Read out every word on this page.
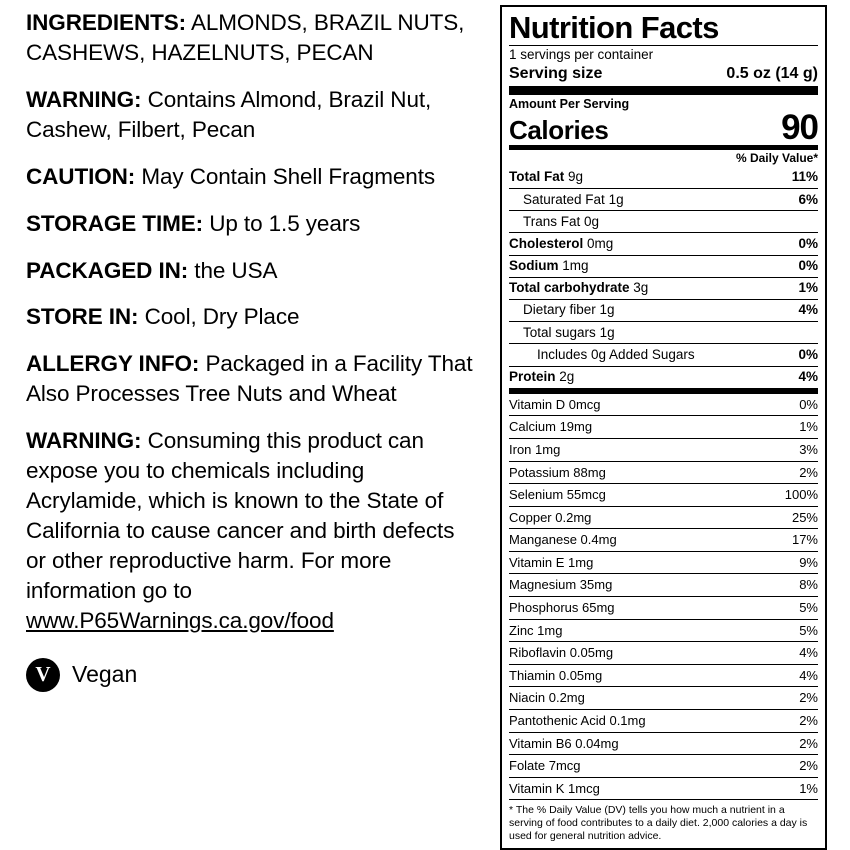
INGREDIENTS: ALMONDS, BRAZIL NUTS, CASHEWS, HAZELNUTS, PECAN
WARNING: Contains Almond, Brazil Nut, Cashew, Filbert, Pecan
CAUTION: May Contain Shell Fragments
STORAGE TIME: Up to 1.5 years
PACKAGED IN: the USA
STORE IN: Cool, Dry Place
ALLERGY INFO: Packaged in a Facility That Also Processes Tree Nuts and Wheat
WARNING: Consuming this product can expose you to chemicals including Acrylamide, which is known to the State of California to cause cancer and birth defects or other reproductive harm. For more information go to www.P65Warnings.ca.gov/food
V Vegan
Nutrition Facts
1 servings per container
Serving size	0.5 oz (14 g)
Amount Per Serving
Calories	90
% Daily Value*
Total Fat 9g	11%
Saturated Fat 1g	6%
Trans Fat 0g
Cholesterol 0mg	0%
Sodium 1mg	0%
Total carbohydrate 3g	1%
Dietary fiber 1g	4%
Total sugars 1g
Includes 0g Added Sugars	0%
Protein 2g	4%
Vitamin D 0mcg	0%
Calcium 19mg	1%
Iron 1mg	3%
Potassium 88mg	2%
Selenium 55mcg	100%
Copper 0.2mg	25%
Manganese 0.4mg	17%
Vitamin E 1mg	9%
Magnesium 35mg	8%
Phosphorus 65mg	5%
Zinc 1mg	5%
Riboflavin 0.05mg	4%
Thiamin 0.05mg	4%
Niacin 0.2mg	2%
Pantothenic Acid 0.1mg	2%
Vitamin B6 0.04mg	2%
Folate 7mcg	2%
Vitamin K 1mcg	1%
* The % Daily Value (DV) tells you how much a nutrient in a serving of food contributes to a daily diet. 2,000 calories a day is used for general nutrition advice.
